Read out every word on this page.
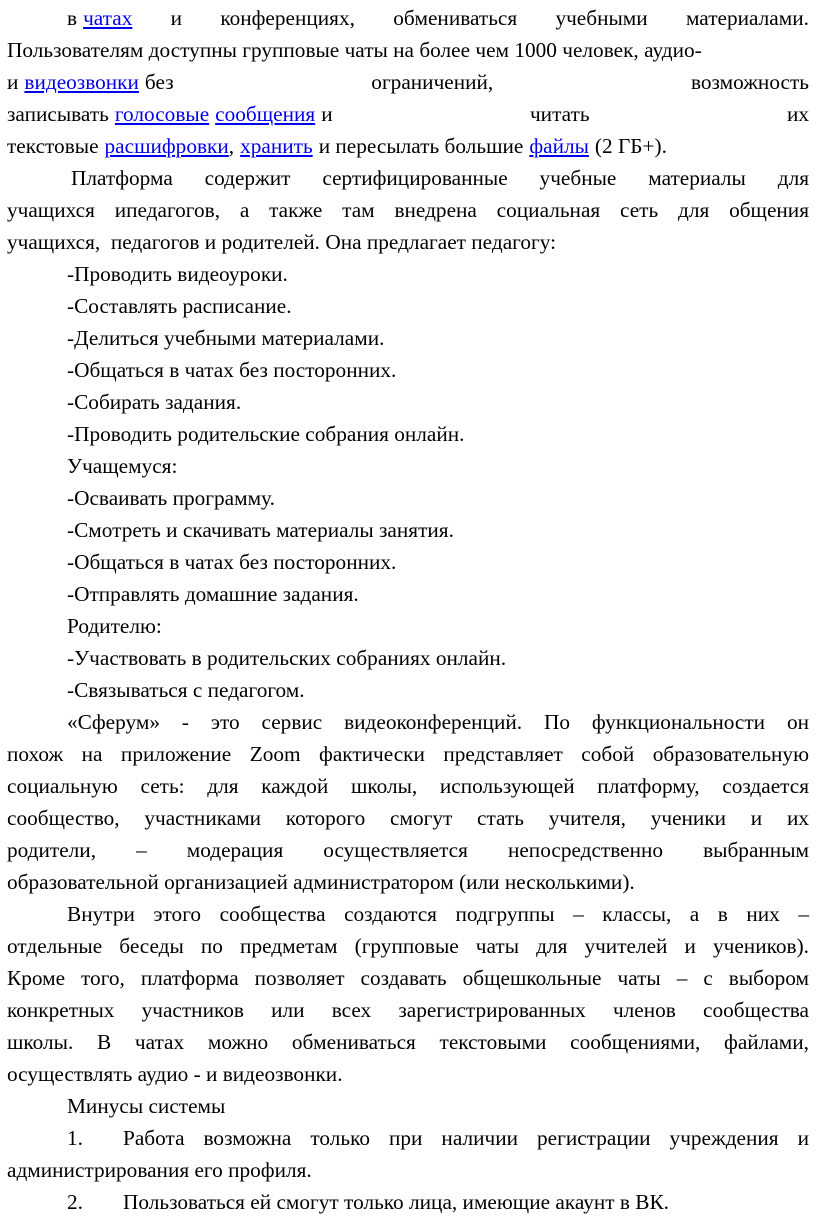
в чатах и конференциях, обмениваться учебными материалами.
Пользователям доступны групповые чаты на более чем 1000 человек, аудио-
и видеозвонки без	ограничений,	возможность
записывать голосовые сообщения и	читать	их
текстовые расшифровки, хранить и пересылать большие файлы (2 ГБ+).
Платформа содержит сертифицированные учебные материалы для
учащихся ипедагогов, а также там внедрена социальная сеть для общения
учащихся,  педагогов и родителей. Она предлагает педагогу:
-Проводить видеоуроки.
-Составлять расписание.
-Делиться учебными материалами.
-Общаться в чатах без посторонних.
-Собирать задания.
-Проводить родительские собрания онлайн.
Учащемуся:
-Осваивать программу.
-Смотреть и скачивать материалы занятия.
-Общаться в чатах без посторонних.
-Отправлять домашние задания.
Родителю:
-Участвовать в родительских собраниях онлайн.
-Связываться с педагогом.
«Сферум» - это сервис видеоконференций. По функциональности он
похож на приложение Zoom фактически представляет собой образовательную
социальную сеть: для каждой школы, использующей платформу, создается
сообщество, участниками которого смогут стать учителя, ученики и их
родители, – модерация осуществляется непосредственно выбранным
образовательной организацией администратором (или несколькими).
Внутри этого сообщества создаются подгруппы – классы, а в них –
отдельные беседы по предметам (групповые чаты для учителей и учеников).
Кроме того, платформа позволяет создавать общешкольные чаты – с выбором
конкретных участников или всех зарегистрированных членов сообщества
школы. В чатах можно обмениваться текстовыми сообщениями, файлами,
осуществлять аудио - и видеозвонки.
Минусы системы
1. Работа возможна только при наличии регистрации учреждения и
администрирования его профиля.
2. Пользоваться ей смогут только лица, имеющие акаунт в ВК.
